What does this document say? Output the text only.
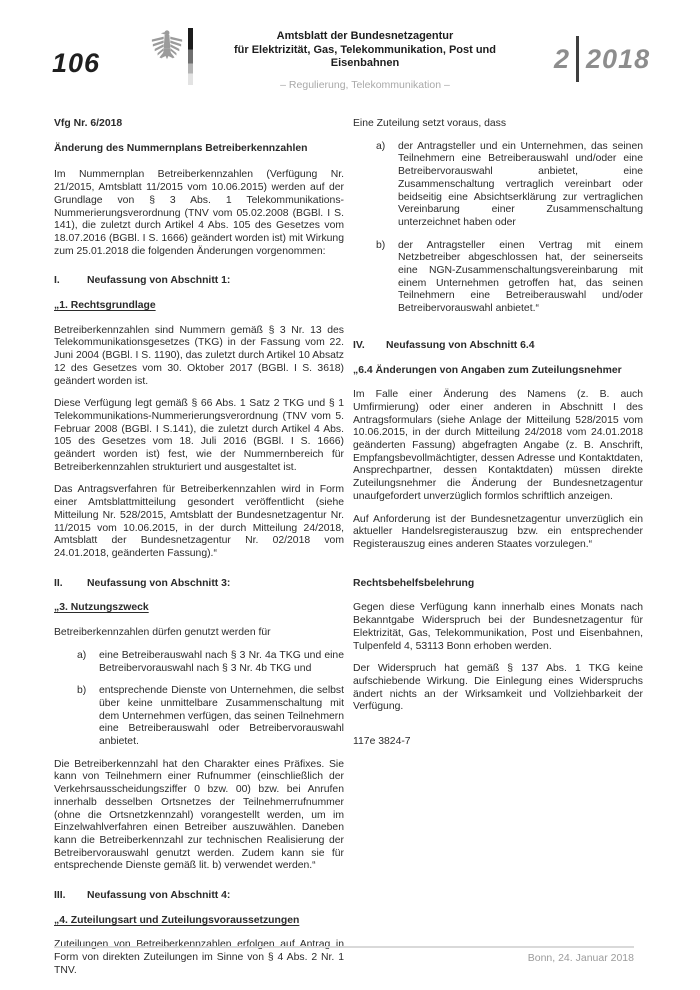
106
Amtsblatt der Bundesnetzagentur
für Elektrizität, Gas, Telekommunikation, Post und Eisenbahnen
– Regulierung, Telekommunikation –
2 2018
Vfg Nr. 6/2018
Änderung des Nummernplans Betreiberkennzahlen

Im Nummernplan Betreiberkennzahlen (Verfügung Nr. 21/2015, Amtsblatt 11/2015 vom 10.06.2015) werden auf der Grundlage von § 3 Abs. 1 Telekommunikations-Nummerierungsverordnung (TNV vom 05.02.2008 (BGBl. I S. 141), die zuletzt durch Artikel 4 Abs. 105 des Gesetzes vom 18.07.2016 (BGBl. I S. 1666) geändert worden ist) mit Wirkung zum 25.01.2018 die folgenden Änderungen vorgenommen:

I.	Neufassung von Abschnitt 1:
„1. Rechtsgrundlage

Betreiberkennzahlen sind Nummern gemäß § 3 Nr. 13 des Telekommunikationsgesetzes (TKG) in der Fassung vom 22. Juni 2004 (BGBl. I S. 1190), das zuletzt durch Artikel 10 Absatz 12 des Gesetzes vom 30. Oktober 2017 (BGBl. I S. 3618) geändert worden ist.

Diese Verfügung legt gemäß § 66 Abs. 1 Satz 2 TKG und § 1 Telekommunikations-Nummerierungsverordnung (TNV vom 5. Februar 2008 (BGBl. I S.141), die zuletzt durch Artikel 4 Abs. 105 des Gesetzes vom 18. Juli 2016 (BGBl. I S. 1666) geändert worden ist) fest, wie der Nummernbereich für Betreiberkennzahlen strukturiert und ausgestaltet ist.

Das Antragsverfahren für Betreiberkennzahlen wird in Form einer Amtsblattmitteilung gesondert veröffentlicht (siehe Mitteilung Nr. 528/2015, Amtsblatt der Bundesnetzagentur Nr. 11/2015 vom 10.06.2015, in der durch Mitteilung 24/2018, Amtsblatt der Bundesnetzagentur Nr. 02/2018 vom 24.01.2018, geänderten Fassung).“

II.	Neufassung von Abschnitt 3:
„3. Nutzungszweck

Betreiberkennzahlen dürfen genutzt werden für

a)	eine Betreiberauswahl nach § 3 Nr. 4a TKG und eine Betreibervorauswahl nach § 3 Nr. 4b TKG und
b)	entsprechende Dienste von Unternehmen, die selbst über keine unmittelbare Zusammenschaltung mit dem Unternehmen verfügen, das seinen Teilnehmern eine Betreiberauswahl oder Betreibervorauswahl anbietet.

Die Betreiberkennzahl hat den Charakter eines Präfixes. Sie kann von Teilnehmern einer Rufnummer (einschließlich der Verkehrsausscheidungsziffer 0 bzw. 00) bzw. bei Anrufen innerhalb desselben Ortsnetzes der Teilnehmerrufnummer (ohne die Ortsnetzkennzahl) vorangestellt werden, um im Einzelwahlverfahren einen Betreiber auszuwählen. Daneben kann die Betreiberkennzahl zur technischen Realisierung der Betreibervorauswahl genutzt werden. Zudem kann sie für entsprechende Dienste gemäß lit. b) verwendet werden.“

III.	Neufassung von Abschnitt 4:
„4. Zuteilungsart und Zuteilungsvoraussetzungen

Zuteilungen von Betreiberkennzahlen erfolgen auf Antrag in Form von direkten Zuteilungen im Sinne von § 4 Abs. 2 Nr. 1 TNV.

Eine Zuteilung setzt voraus, dass

a)	der Antragsteller und ein Unternehmen, das seinen Teilnehmern eine Betreiberauswahl und/oder eine Betreibervorauswahl anbietet, eine Zusammenschaltung vertraglich vereinbart oder beidseitig eine Absichtserklärung zur vertraglichen Vereinbarung einer Zusammenschaltung unterzeichnet haben oder
b)	der Antragsteller einen Vertrag mit einem Netzbetreiber abgeschlossen hat, der seinerseits eine NGN-Zusammenschaltungsvereinbarung mit einem Unternehmen getroffen hat, das seinen Teilnehmern eine Betreiberauswahl und/oder Betreibervorauswahl anbietet.“
IV.	Neufassung von Abschnitt 6.4
„6.4 Änderungen von Angaben zum Zuteilungsnehmer

Im Falle einer Änderung des Namens (z. B. auch Umfirmierung) oder einer anderen in Abschnitt I des Antragsformulars (siehe Anlage der Mitteilung 528/2015 vom 10.06.2015, in der durch Mitteilung 24/2018 vom 24.01.2018 geänderten Fassung) abgefragten Angabe (z. B. Anschrift, Empfangsbevollmächtigter, dessen Adresse und Kontaktdaten, Ansprechpartner, dessen Kontaktdaten) müssen direkte Zuteilungsnehmer die Änderung der Bundesnetzagentur unaufgefordert unverzüglich formlos schriftlich anzeigen.

Auf Anforderung ist der Bundesnetzagentur unverzüglich ein aktueller Handelsregisterauszug bzw. ein entsprechender Registerauszug eines anderen Staates vorzulegen.“

Rechtsbehelfsbelehrung

Gegen diese Verfügung kann innerhalb eines Monats nach Bekanntgabe Widerspruch bei der Bundesnetzagentur für Elektrizität, Gas, Telekommunikation, Post und Eisenbahnen, Tulpenfeld 4, 53113 Bonn erhoben werden.

Der Widerspruch hat gemäß § 137 Abs. 1 TKG keine aufschiebende Wirkung. Die Einlegung eines Widerspruchs ändert nichts an der Wirksamkeit und Vollziehbarkeit der Verfügung.

117e 3824-7
Bonn, 24. Januar 2018
